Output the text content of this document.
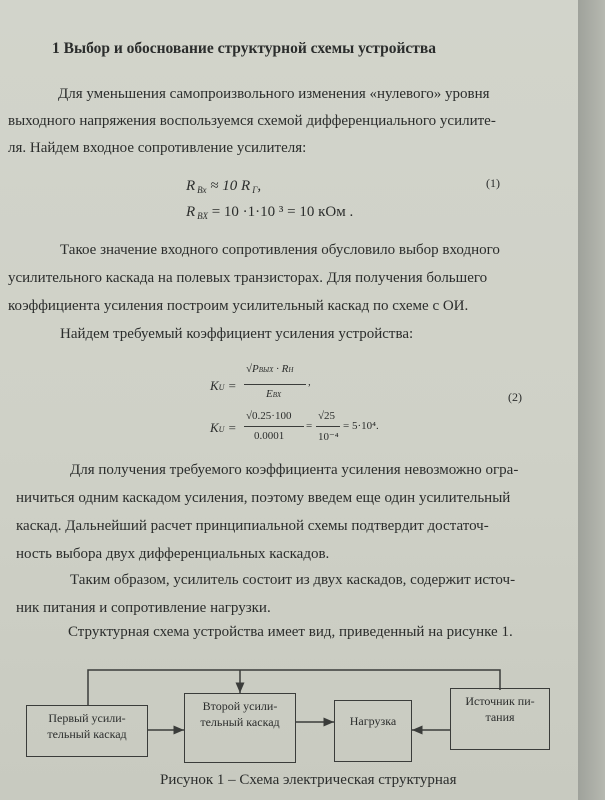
1 Выбор и обоснование структурной схемы устройства
Для уменьшения самопроизвольного изменения «нулевого» уровня
выходного напряжения воспользуемся схемой дифференциального усилите-
ля. Найдем входное сопротивление усилителя:
R $_{Вх}$ ≈ 10 R $_Г$,
R $_{ВХ}$ = 10 ·1·10 ³ = 10 кОм .
(1)
Такое значение входного сопротивления обусловило выбор входного
усилительного каскада на полевых транзисторах. Для получения большего
коэффициента усиления построим усилительный каскад по схеме с ОИ.
Найдем требуемый коэффициент усиления устройства:
KU =
√PВЫХ · RН
EВХ
,
KU =
√0.25·100
0.0001
=
√25
10⁻⁴
= 5·10⁴.
(2)
Для получения требуемого коэффициента усиления невозможно огра-
ничиться одним каскадом усиления, поэтому введем еще один усилительный
каскад. Дальнейший расчет принципиальной схемы подтвердит достаточ-
ность выбора двух дифференциальных каскадов.
Таким образом, усилитель состоит из двух каскадов, содержит источ-
ник питания и сопротивление нагрузки.
Структурная схема устройства имеет вид, приведенный на рисунке 1.
Первый усили-
тельный каскад
Второй усили-
тельный каскад	Нагрузка
Источник пи-
тания
Рисунок 1 – Схема электрическая структурная
